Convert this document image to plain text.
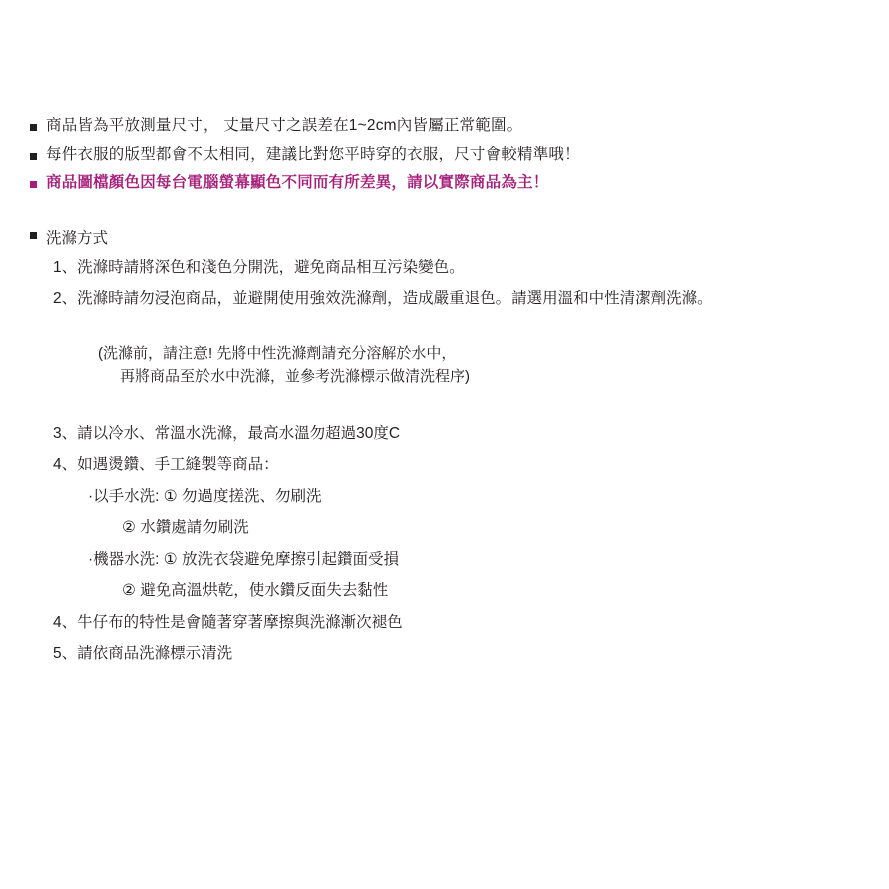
商品皆為平放測量尺寸， 丈量尺寸之誤差在1~2cm內皆屬正常範圍。
每件衣服的版型都會不太相同，建議比對您平時穿的衣服，尺寸會較精準哦！
商品圖檔顏色因每台電腦螢幕顯色不同而有所差異，請以實際商品為主！
洗滌方式
1、洗滌時請將深色和淺色分開洗，避免商品相互污染變色。
2、洗滌時請勿浸泡商品，並避開使用強效洗滌劑，造成嚴重退色。請選用溫和中性清潔劑洗滌。

(洗滌前，請注意! 先將中性洗滌劑請充分溶解於水中，

再將商品至於水中洗滌，並參考洗滌標示做清洗程序)

3、請以冷水、常溫水洗滌，最高水溫勿超過30度C
4、如遇燙鑽、手工縫製等商品：
·以手水洗: ① 勿過度搓洗、勿刷洗
② 水鑽處請勿刷洗
·機器水洗: ① 放洗衣袋避免摩擦引起鑽面受損
② 避免高溫烘乾，使水鑽反面失去黏性
4、牛仔布的特性是會隨著穿著摩擦與洗滌漸次褪色
5、請依商品洗滌標示清洗
